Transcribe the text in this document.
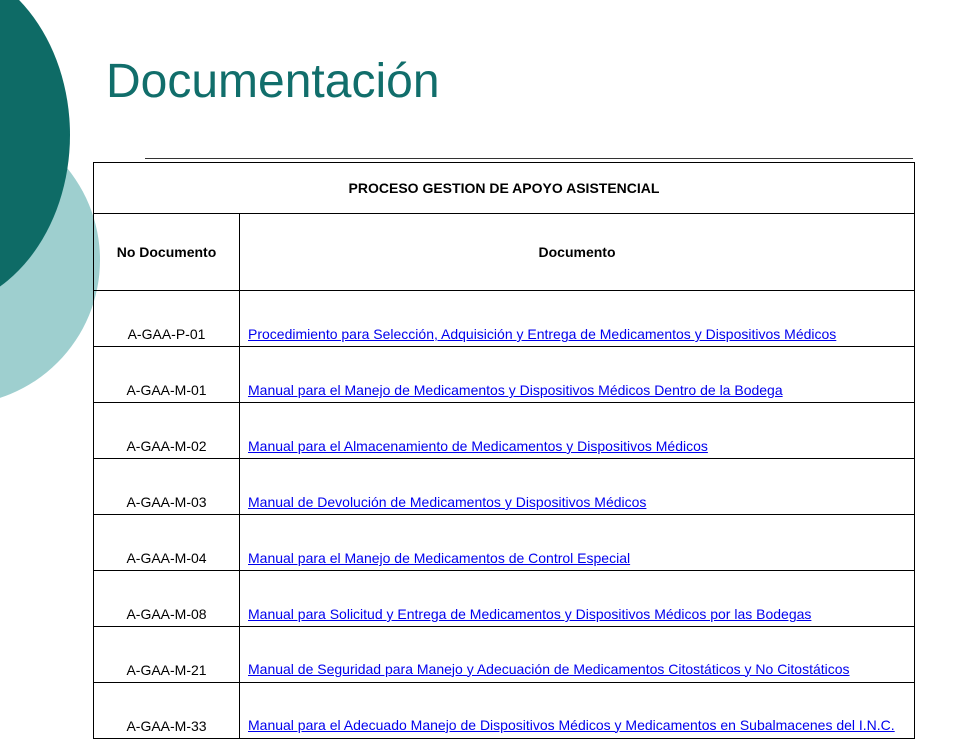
Documentación
PROCESO GESTION DE APOYO ASISTENCIAL	
No Documento	Documento
A-GAA-P-01	Procedimiento para Selección, Adquisición y Entrega de Medicamentos y Dispositivos Médicos
A-GAA-M-01	Manual para el Manejo de Medicamentos y Dispositivos Médicos Dentro de la Bodega
A-GAA-M-02	Manual para el Almacenamiento de Medicamentos y Dispositivos Médicos
A-GAA-M-03	Manual de Devolución de Medicamentos y Dispositivos Médicos
A-GAA-M-04	Manual para el Manejo de Medicamentos de Control Especial
A-GAA-M-08	Manual para Solicitud y Entrega de Medicamentos y Dispositivos Médicos por las Bodegas
A-GAA-M-21	Manual de Seguridad para Manejo y Adecuación de Medicamentos Citostáticos y No Citostáticos

A-GAA-M-33	Manual para el Adecuado Manejo de Dispositivos Médicos y Medicamentos en Subalmacenes del I.N.C.
